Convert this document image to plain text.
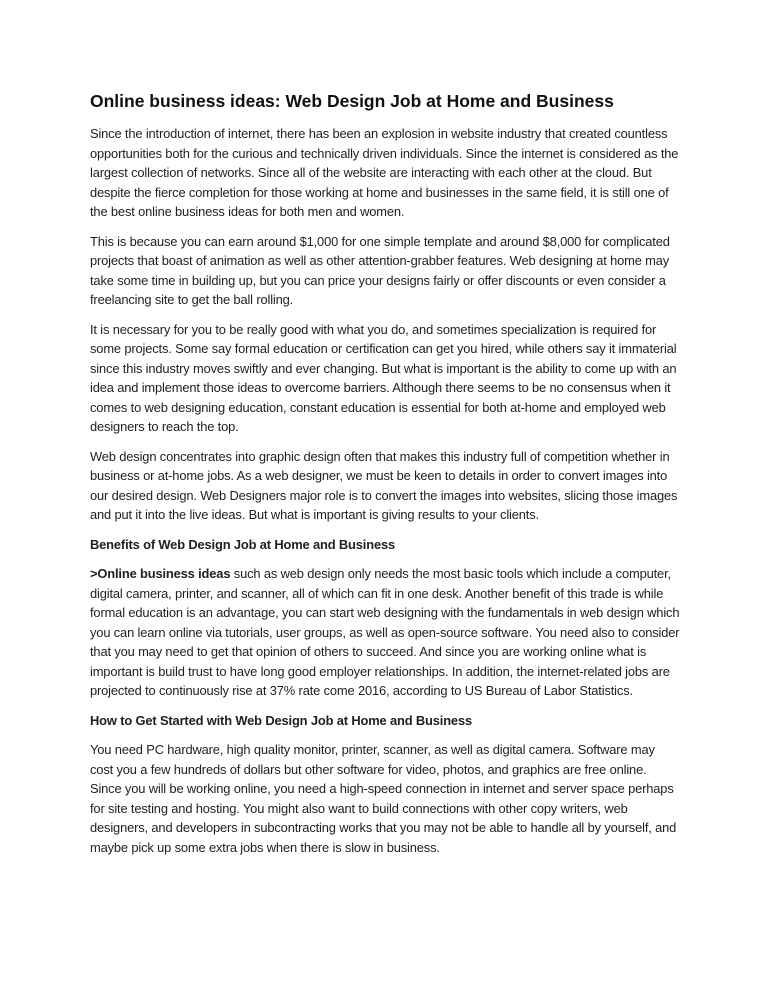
Online business ideas: Web Design Job at Home and Business

Since the introduction of internet, there has been an explosion in website industry that created countless opportunities both for the curious and technically driven individuals. Since the internet is considered as the largest collection of networks. Since all of the website are interacting with each other at the cloud. But despite the fierce completion for those working at home and businesses in the same field, it is still one of the best online business ideas for both men and women.

This is because you can earn around $1,000 for one simple template and around $8,000 for complicated projects that boast of animation as well as other attention-grabber features. Web designing at home may take some time in building up, but you can price your designs fairly or offer discounts or even consider a freelancing site to get the ball rolling.

It is necessary for you to be really good with what you do, and sometimes specialization is required for some projects. Some say formal education or certification can get you hired, while others say it immaterial since this industry moves swiftly and ever changing. But what is important is the ability to come up with an idea and implement those ideas to overcome barriers. Although there seems to be no consensus when it comes to web designing education, constant education is essential for both at-home and employed web designers to reach the top.

Web design concentrates into graphic design often that makes this industry full of competition whether in business or at-home jobs. As a web designer, we must be keen to details in order to convert images into our desired design. Web Designers major role is to convert the images into websites, slicing those images and put it into the live ideas. But what is important is giving results to your clients.

Benefits of Web Design Job at Home and Business

>Online business ideas such as web design only needs the most basic tools which include a computer, digital camera, printer, and scanner, all of which can fit in one desk. Another benefit of this trade is while formal education is an advantage, you can start web designing with the fundamentals in web design which you can learn online via tutorials, user groups, as well as open-source software. You need also to consider that you may need to get that opinion of others to succeed. And since you are working online what is important is build trust to have long good employer relationships. In addition, the internet-related jobs are projected to continuously rise at 37% rate come 2016, according to US Bureau of Labor Statistics.

How to Get Started with Web Design Job at Home and Business

You need PC hardware, high quality monitor, printer, scanner, as well as digital camera. Software may cost you a few hundreds of dollars but other software for video, photos, and graphics are free online. Since you will be working online, you need a high-speed connection in internet and server space perhaps for site testing and hosting. You might also want to build connections with other copy writers, web designers, and developers in subcontracting works that you may not be able to handle all by yourself, and maybe pick up some extra jobs when there is slow in business.
